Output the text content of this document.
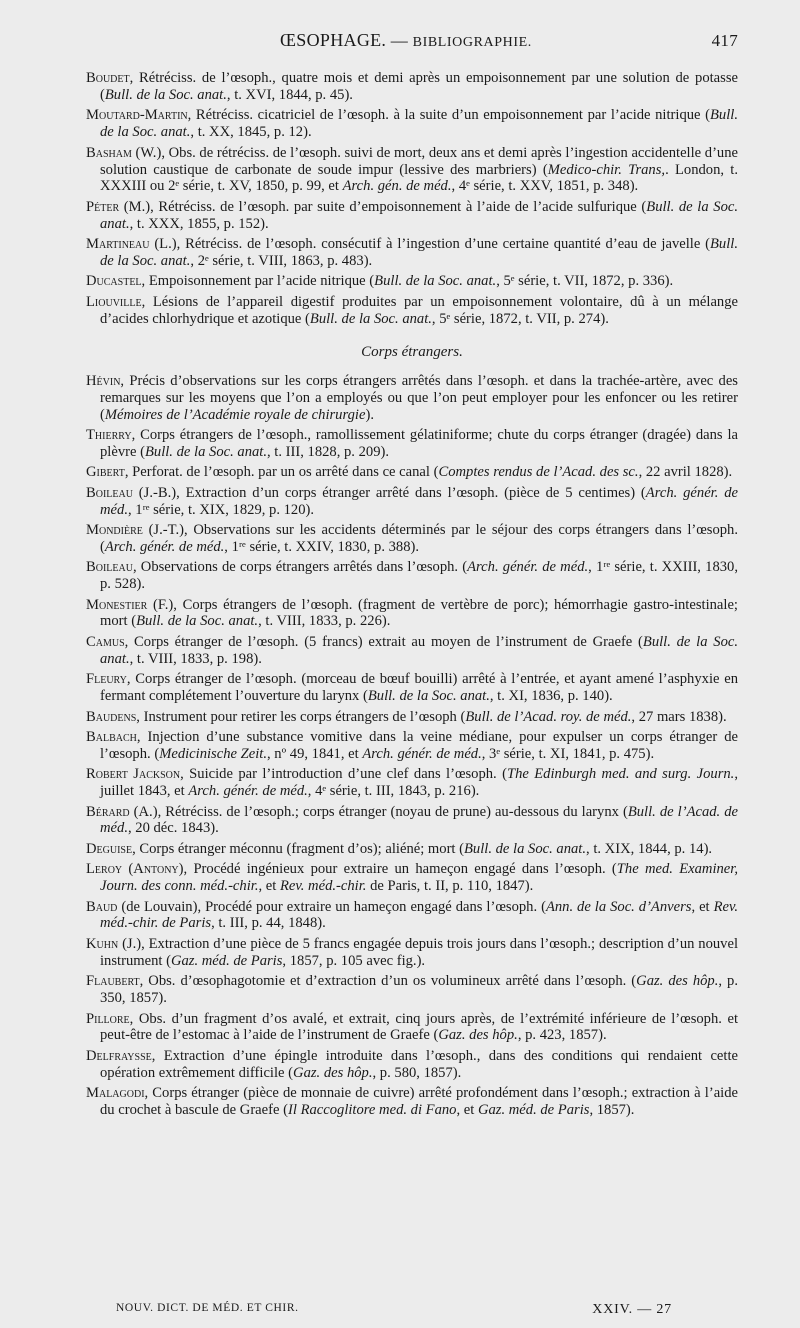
ŒSOPHAGE. — BIBLIOGRAPHIE.	417
Boudet, Rétréciss. de l’œsoph., quatre mois et demi après un empoisonnement par une solution de potasse (Bull. de la Soc. anat., t. XVI, 1844, p. 45).
Moutard-Martin, Rétréciss. cicatriciel de l’œsoph. à la suite d’un empoisonnement par l’acide nitrique (Bull. de la Soc. anat., t. XX, 1845, p. 12).
Basham (W.), Obs. de rétréciss. de l’œsoph. suivi de mort, deux ans et demi après l’ingestion accidentelle d’une solution caustique de carbonate de soude impur (lessive des marbriers) (Medico-chir. Trans,. London, t. XXXIII ou 2ᵉ série, t. XV, 1850, p. 99, et Arch. gén. de méd., 4ᵉ série, t. XXV, 1851, p. 348).
Péter (M.), Rétréciss. de l’œsoph. par suite d’empoisonnement à l’aide de l’acide sulfurique (Bull. de la Soc. anat., t. XXX, 1855, p. 152).
Martineau (L.), Rétréciss. de l’œsoph. consécutif à l’ingestion d’une certaine quantité d’eau de javelle (Bull. de la Soc. anat., 2ᵉ série, t. VIII, 1863, p. 483).
Ducastel, Empoisonnement par l’acide nitrique (Bull. de la Soc. anat., 5ᵉ série, t. VII, 1872, p. 336).
Liouville, Lésions de l’appareil digestif produites par un empoisonnement volontaire, dû à un mélange d’acides chlorhydrique et azotique (Bull. de la Soc. anat., 5ᵉ série, 1872, t. VII, p. 274).
Corps étrangers.
Hévin, Précis d’observations sur les corps étrangers arrêtés dans l’œsoph. et dans la trachée-artère, avec des remarques sur les moyens que l’on a employés ou que l’on peut employer pour les enfoncer ou les retirer (Mémoires de l’Académie royale de chirurgie).
Thierry, Corps étrangers de l’œsoph., ramollissement gélatiniforme; chute du corps étranger (dragée) dans la plèvre (Bull. de la Soc. anat., t. III, 1828, p. 209).
Gibert, Perforat. de l’œsoph. par un os arrêté dans ce canal (Comptes rendus de l’Acad. des sc., 22 avril 1828).
Boileau (J.-B.), Extraction d’un corps étranger arrêté dans l’œsoph. (pièce de 5 centimes) (Arch. génér. de méd., 1ʳᵉ série, t. XIX, 1829, p. 120).
Mondière (J.-T.), Observations sur les accidents déterminés par le séjour des corps étrangers dans l’œsoph. (Arch. génér. de méd., 1ʳᵉ série, t. XXIV, 1830, p. 388).
Boileau, Observations de corps étrangers arrêtés dans l’œsoph. (Arch. génér. de méd., 1ʳᵉ série, t. XXIII, 1830, p. 528).
Monestier (F.), Corps étrangers de l’œsoph. (fragment de vertèbre de porc); hémorrhagie gastro-intestinale; mort (Bull. de la Soc. anat., t. VIII, 1833, p. 226).
Camus, Corps étranger de l’œsoph. (5 francs) extrait au moyen de l’instrument de Graefe (Bull. de la Soc. anat., t. VIII, 1833, p. 198).
Fleury, Corps étranger de l’œsoph. (morceau de bœuf bouilli) arrêté à l’entrée, et ayant amené l’asphyxie en fermant complétement l’ouverture du larynx (Bull. de la Soc. anat., t. XI, 1836, p. 140).
Baudens, Instrument pour retirer les corps étrangers de l’œsoph (Bull. de l’Acad. roy. de méd., 27 mars 1838).
Balbach, Injection d’une substance vomitive dans la veine médiane, pour expulser un corps étranger de l’œsoph. (Medicinische Zeit., nº 49, 1841, et Arch. génér. de méd., 3ᵉ série, t. XI, 1841, p. 475).
Robert Jackson, Suicide par l’introduction d’une clef dans l’œsoph. (The Edinburgh med. and surg. Journ., juillet 1843, et Arch. génér. de méd., 4ᵉ série, t. III, 1843, p. 216).
Bérard (A.), Rétréciss. de l’œsoph.; corps étranger (noyau de prune) au-dessous du larynx (Bull. de l’Acad. de méd., 20 déc. 1843).
Deguise, Corps étranger méconnu (fragment d’os); aliéné; mort (Bull. de la Soc. anat., t. XIX, 1844, p. 14).
Leroy (Antony), Procédé ingénieux pour extraire un hameçon engagé dans l’œsoph. (The med. Examiner, Journ. des conn. méd.-chir., et Rev. méd.-chir. de Paris, t. II, p. 110, 1847).
Baud (de Louvain), Procédé pour extraire un hameçon engagé dans l’œsoph. (Ann. de la Soc. d’Anvers, et Rev. méd.-chir. de Paris, t. III, p. 44, 1848).
Kuhn (J.), Extraction d’une pièce de 5 francs engagée depuis trois jours dans l’œsoph.; description d’un nouvel instrument (Gaz. méd. de Paris, 1857, p. 105 avec fig.).
Flaubert, Obs. d’œsophagotomie et d’extraction d’un os volumineux arrêté dans l’œsoph. (Gaz. des hôp., p. 350, 1857).
Pillore, Obs. d’un fragment d’os avalé, et extrait, cinq jours après, de l’extrémité inférieure de l’œsoph. et peut-être de l’estomac à l’aide de l’instrument de Graefe (Gaz. des hôp., p. 423, 1857).
Delfraysse, Extraction d’une épingle introduite dans l’œsoph., dans des conditions qui rendaient cette opération extrêmement difficile (Gaz. des hôp., p. 580, 1857).
Malagodi, Corps étranger (pièce de monnaie de cuivre) arrêté profondément dans l’œsoph.; extraction à l’aide du crochet à bascule de Graefe (Il Raccoglitore med. di Fano, et Gaz. méd. de Paris, 1857).
NOUV. DICT. DE MÉD. ET CHIR.	XXIV. — 27
